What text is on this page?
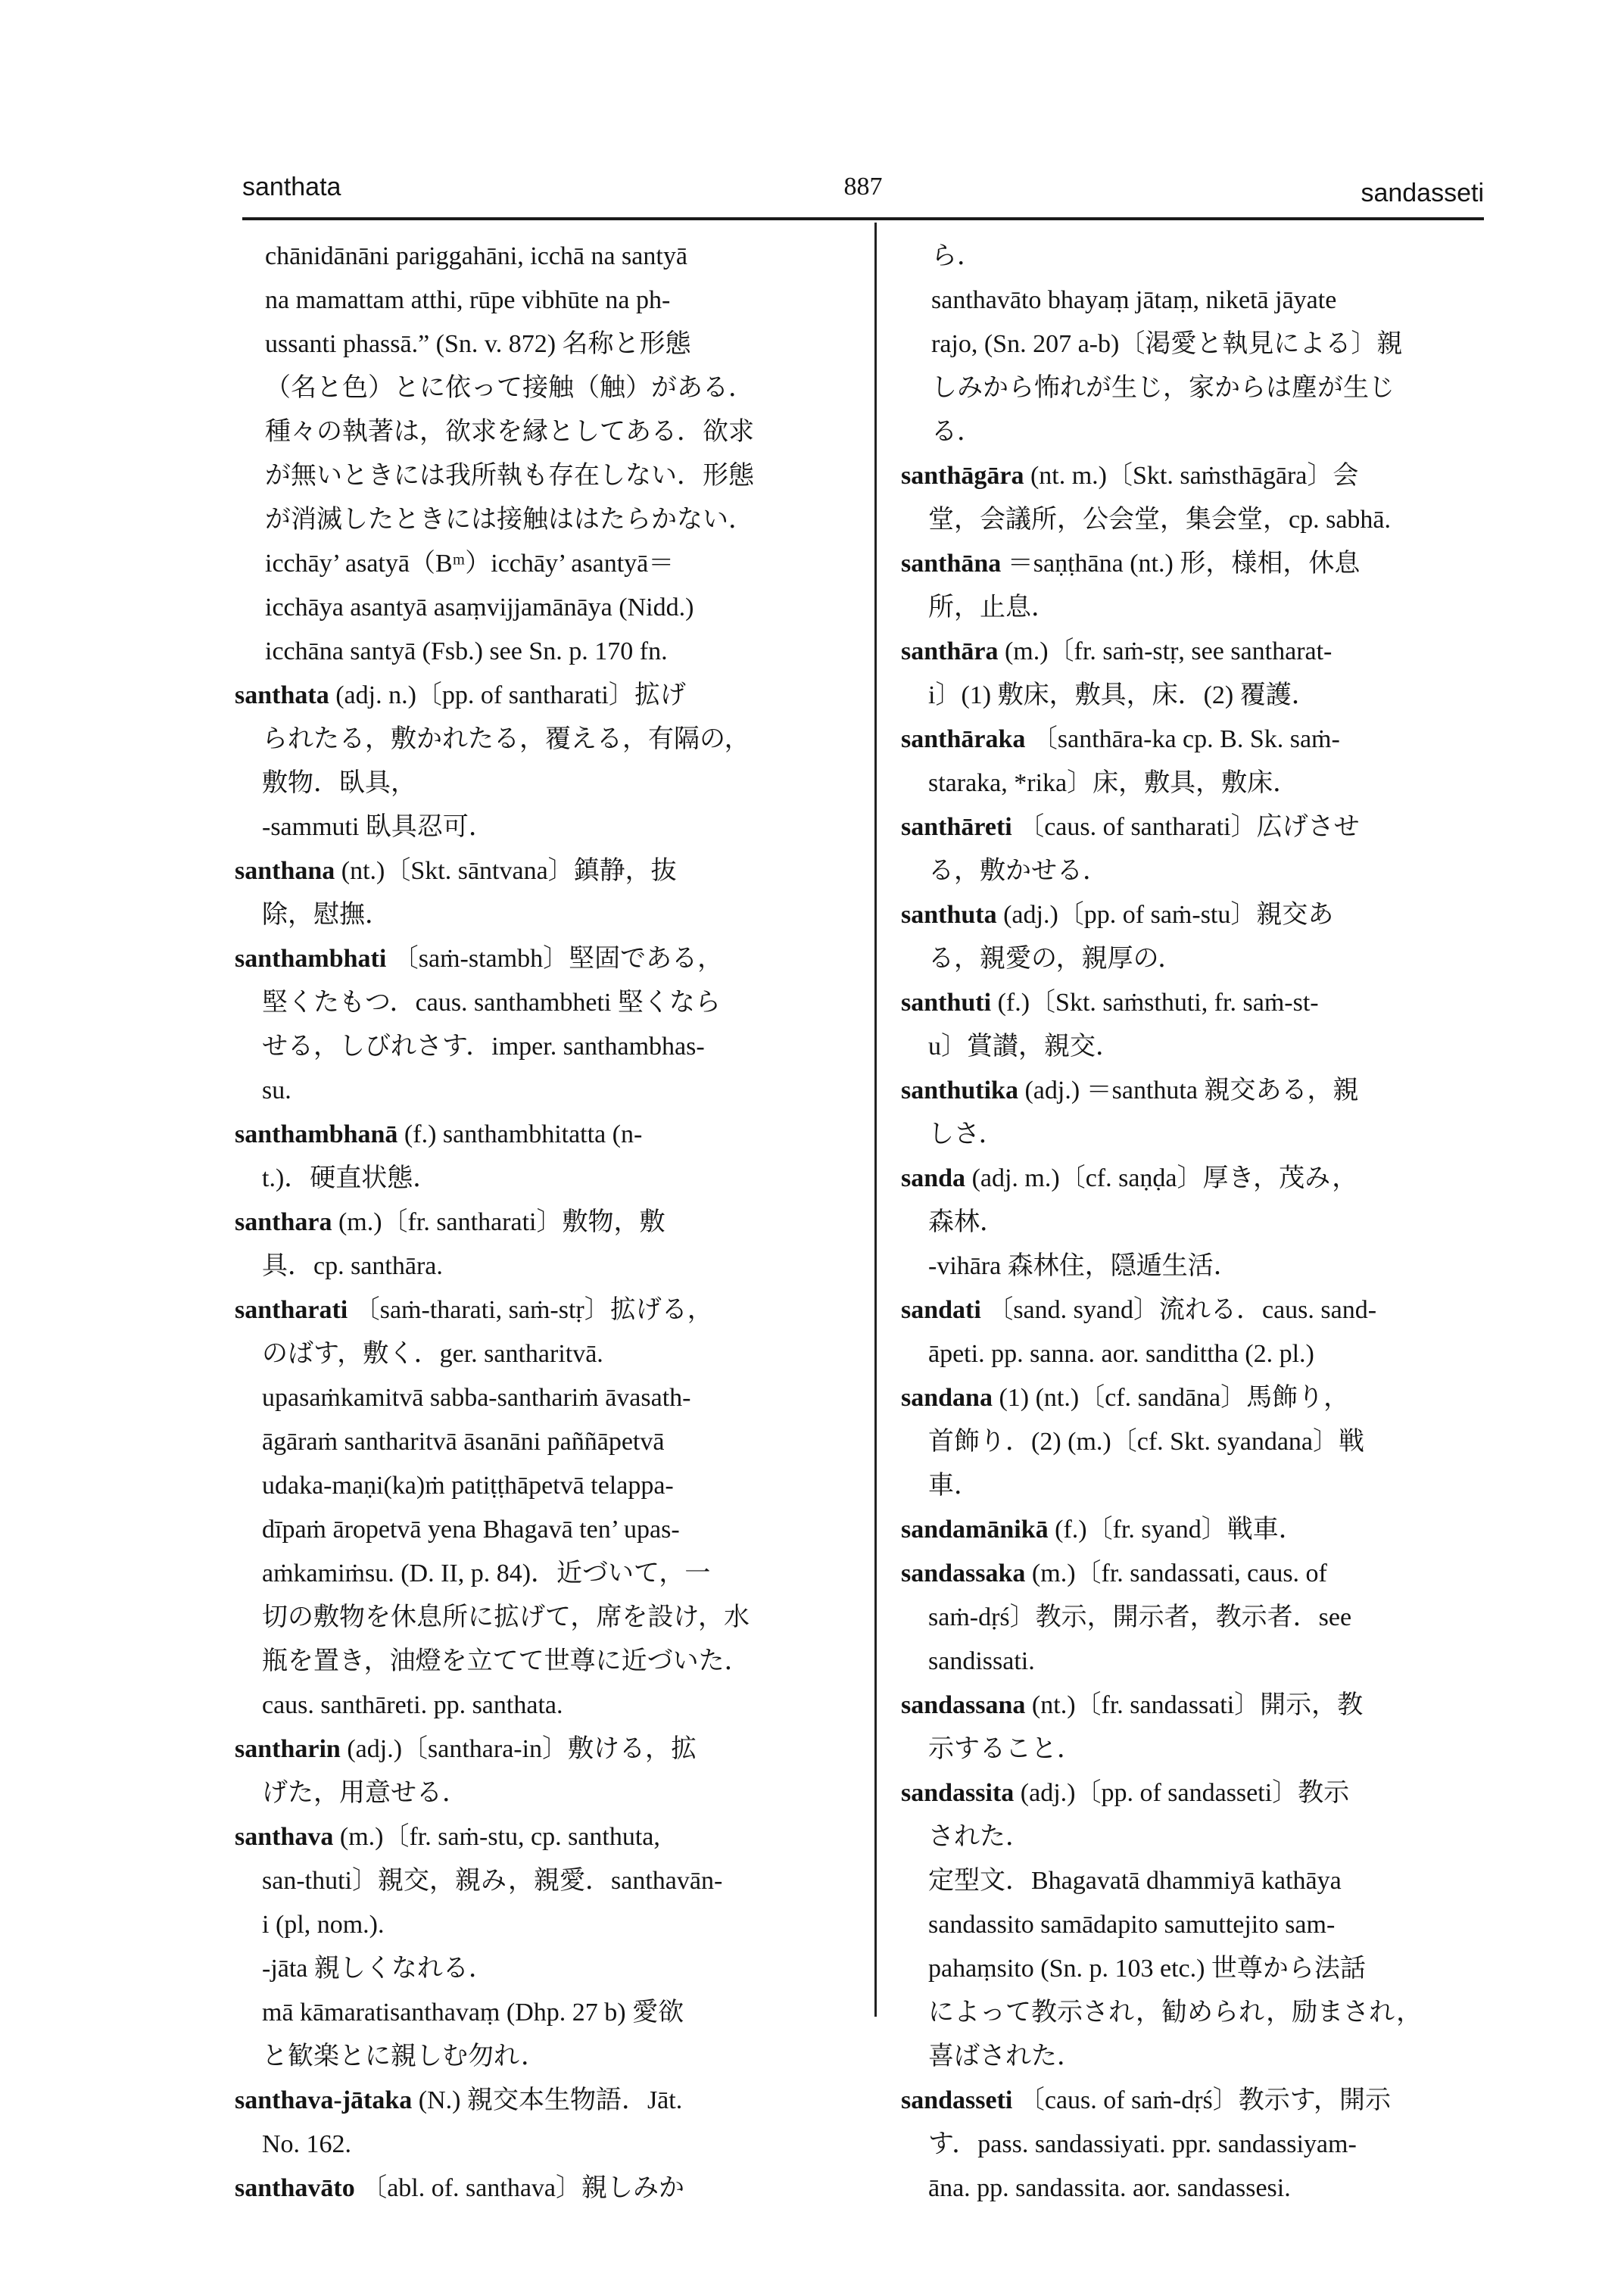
santhata	887	sandasseti
chānidānāni pariggahāni, icchā na santyā
na mamattam atthi, rūpe vibhūte na ph-
ussanti phassā.” (Sn. v. 872) 名称と形態
（名と色）とに依って接触（触）がある．
種々の執著は，欲求を縁としてある．欲求
が無いときには我所執も存在しない．形態
が消滅したときには接触ははたらかない．
icchāy’ asatyā（Bᵐ）icchāy’ asantyā＝
icchāya asantyā asaṃvijjamānāya (Nidd.)
icchāna santyā (Fsb.) see Sn. p. 170 fn.
santhata (adj. n.)〔pp. of santharati〕拡げ
られたる，敷かれたる，覆える，有隔の，
敷物．臥具，
-sammuti 臥具忍可．
santhana (nt.)〔Skt. sāntvana〕鎮静，抜
除，慰撫．
santhambhati 〔saṁ-stambh〕堅固である，
堅くたもつ．caus. santhambheti 堅くなら
せる，しびれさす．imper. santhambhas-
su.
santhambhanā (f.) santhambhitatta (n-
t.)．硬直状態．
santhara (m.)〔fr. santharati〕敷物，敷
具．cp. santhāra.
santharati 〔saṁ-tharati, saṁ-stṛ〕拡げる，
のばす，敷く．ger. santharitvā.
upasaṁkamitvā sabba-santhariṁ āvasath-
āgāraṁ santharitvā āsanāni paññāpetvā
udaka-maṇi(ka)ṁ patiṭṭhāpetvā telappa-
dīpaṁ āropetvā yena Bhagavā ten’ upas-
aṁkamiṁsu. (D. II, p. 84)．近づいて，一
切の敷物を休息所に拡げて，席を設け，水
瓶を置き，油燈を立てて世尊に近づいた．
caus. santhāreti. pp. santhata.
santharin (adj.)〔santhara-in〕敷ける，拡
げた，用意せる．
santhava (m.)〔fr. saṁ-stu, cp. santhuta,
san-thuti〕親交，親み，親愛．santhavān-
i (pl, nom.).
-jāta 親しくなれる．
mā kāmaratisanthavaṃ (Dhp. 27 b) 愛欲
と歓楽とに親しむ勿れ．
santhava-jātaka (N.) 親交本生物語．Jāt.
No. 162.
santhavāto 〔abl. of. santhava〕親しみか
ら．
santhavāto bhayaṃ jātaṃ, niketā jāyate
rajo, (Sn. 207 a-b)〔渇愛と執見による〕親
しみから怖れが生じ，家からは塵が生じ
る．
santhāgāra (nt. m.)〔Skt. saṁsthāgāra〕会
堂，会議所，公会堂，集会堂，cp. sabhā.
santhāna ＝saṇṭhāna (nt.) 形，様相，休息
所，止息．
santhāra (m.)〔fr. saṁ-stṛ, see santharat-
i〕(1) 敷床，敷具，床．(2) 覆護．
santhāraka 〔santhāra-ka cp. B. Sk. saṁ-
staraka, *rika〕床，敷具，敷床．
santhāreti 〔caus. of santharati〕広げさせ
る，敷かせる．
santhuta (adj.)〔pp. of saṁ-stu〕親交あ
る，親愛の，親厚の．
santhuti (f.)〔Skt. saṁsthuti, fr. saṁ-st-
u〕賞讃，親交．
santhutika (adj.) ＝santhuta 親交ある，親
しさ．
sanda (adj. m.)〔cf. saṇḍa〕厚き，茂み，
森林．
-vihāra 森林住，隠遁生活．
sandati 〔sand. syand〕流れる．caus. sand-
āpeti. pp. sanna. aor. sandittha (2. pl.)
sandana (1) (nt.)〔cf. sandāna〕馬飾り，
首飾り．(2) (m.)〔cf. Skt. syandana〕戦
車．
sandamānikā (f.)〔fr. syand〕戦車．
sandassaka (m.)〔fr. sandassati, caus. of
saṁ-dṛś〕教示，開示者，教示者．see
sandissati.
sandassana (nt.)〔fr. sandassati〕開示，教
示すること．
sandassita (adj.)〔pp. of sandasseti〕教示
された．
定型文．Bhagavatā dhammiyā kathāya
sandassito samādapito samuttejito sam-
pahaṃsito (Sn. p. 103 etc.) 世尊から法話
によって教示され，勧められ，励まされ，
喜ばされた．
sandasseti 〔caus. of saṁ-dṛś〕教示す，開示
す．pass. sandassiyati. ppr. sandassiyam-
āna. pp. sandassita. aor. sandassesi.
